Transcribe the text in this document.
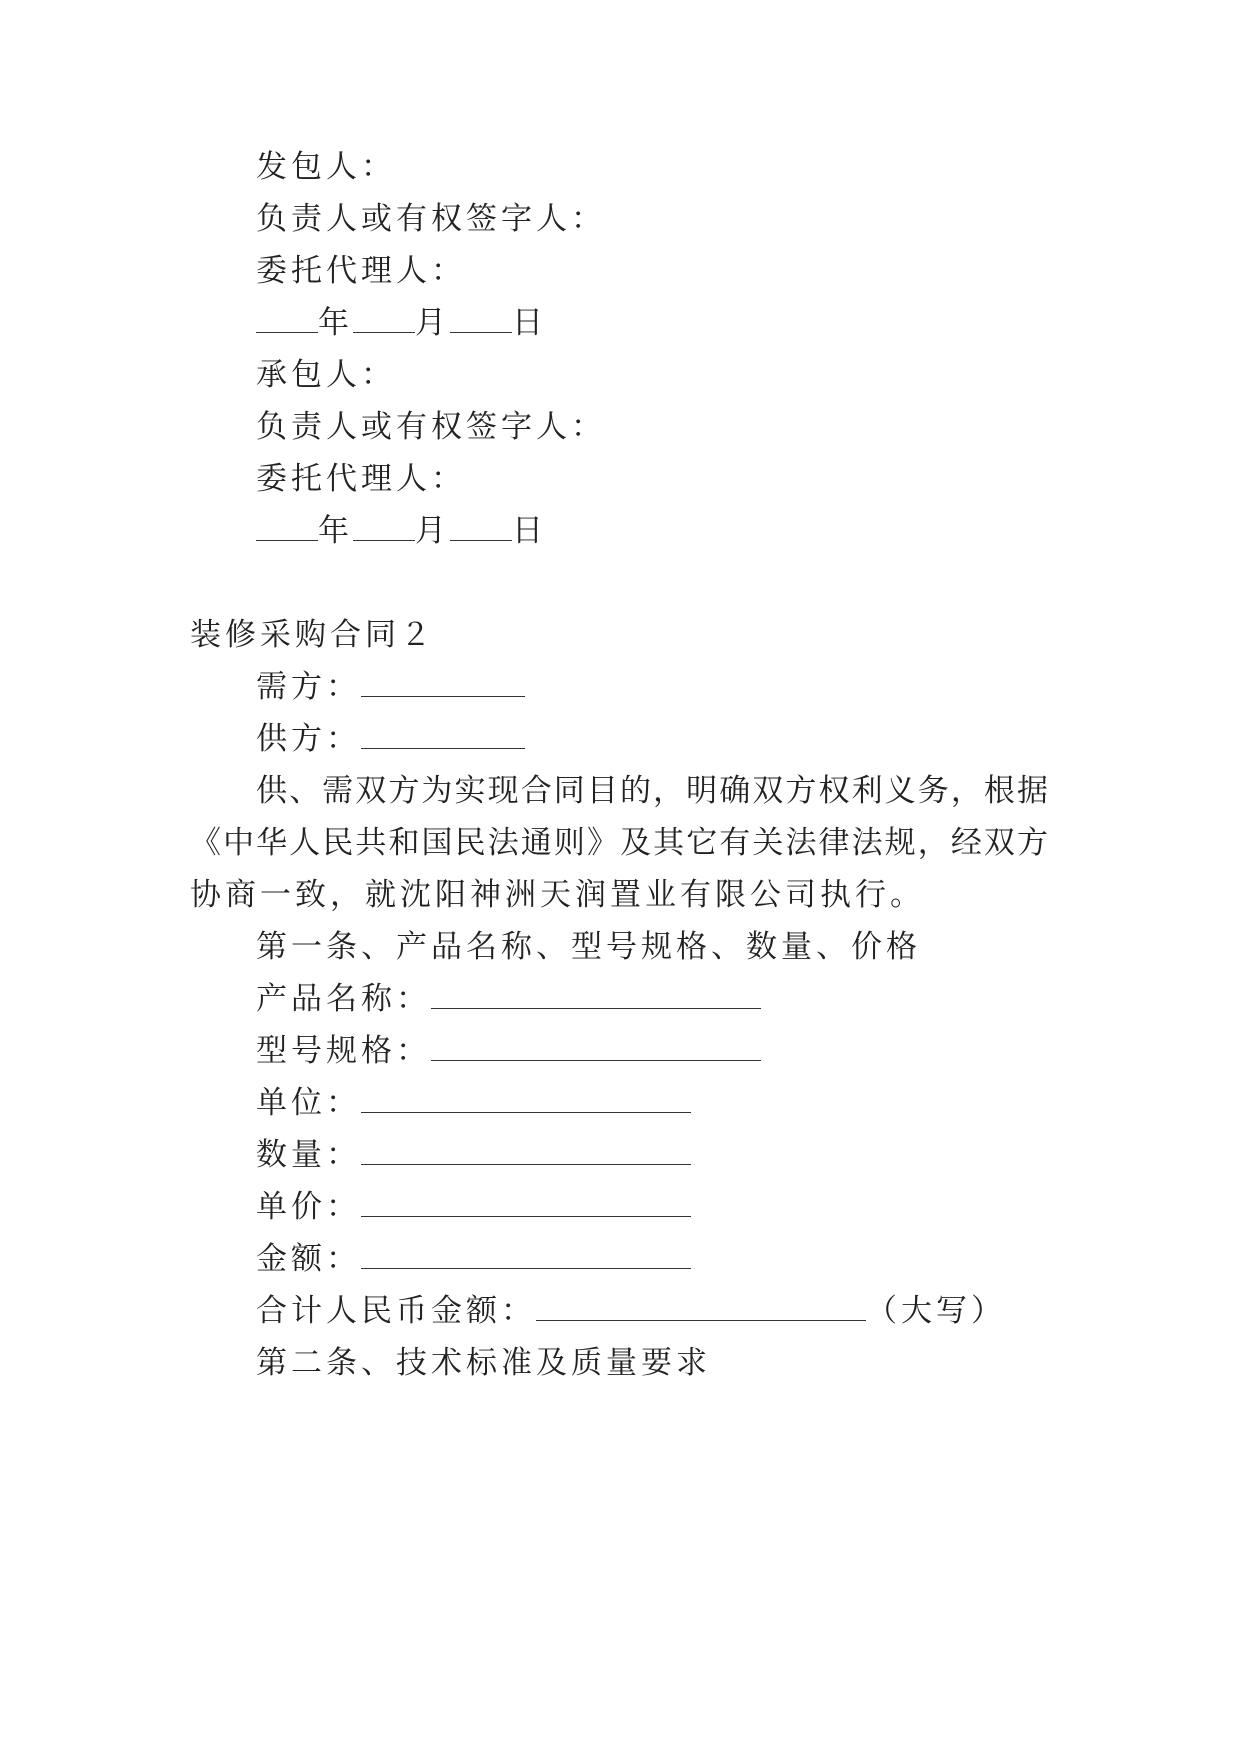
发包人：
负责人或有权签字人：
委托代理人：
年 月 日
承包人：
负责人或有权签字人：
委托代理人：
年 月 日
装修采购合同２
需方：
供方：
供、需双方为实现合同目的，明确双方权利义务，根据
《中华人民共和国民法通则》及其它有关法律法规，经双方
协商一致，就沈阳神洲天润置业有限公司执行。
第一条、产品名称、型号规格、数量、价格
产品名称：
型号规格：
单位：
数量：
单价：
金额：
合计人民币金额：	（大写）
第二条、技术标准及质量要求
